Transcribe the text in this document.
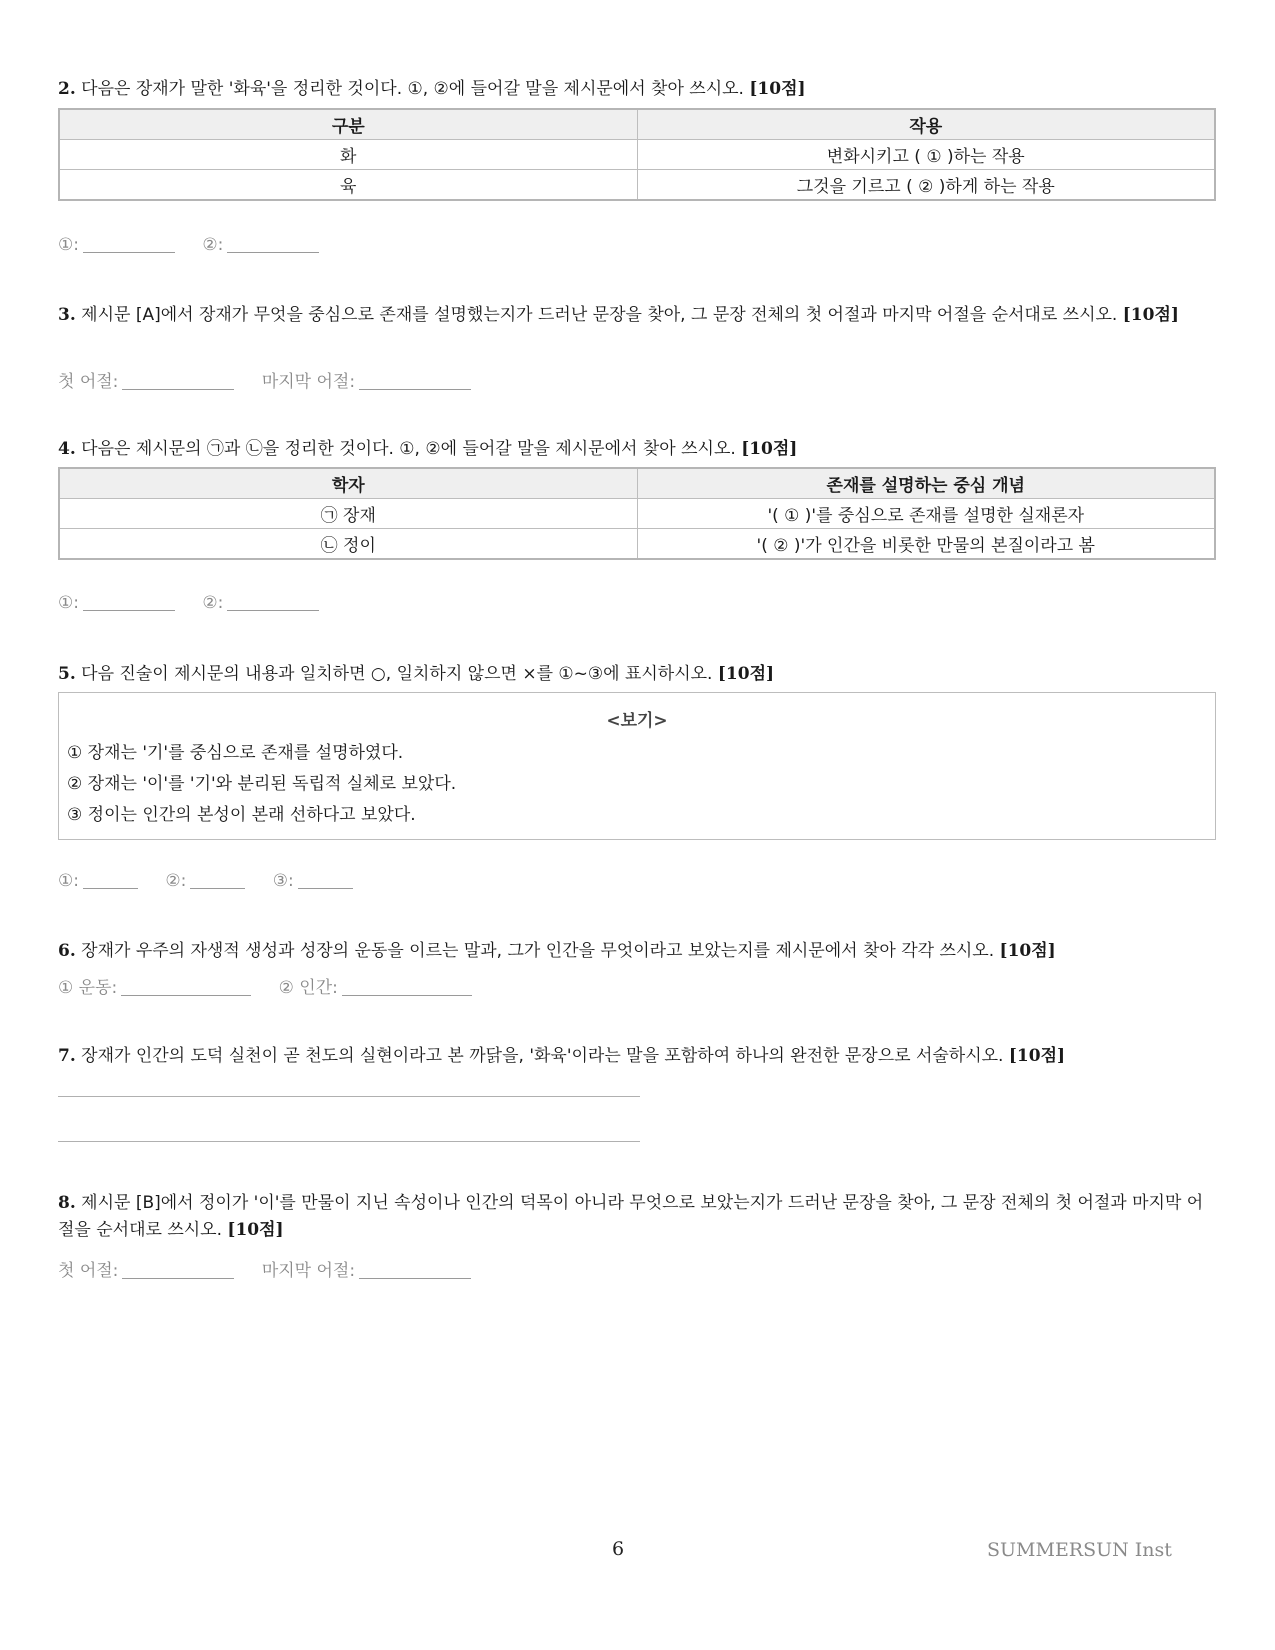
2. 다음은 장재가 말한 '화육'을 정리한 것이다. ①, ②에 들어갈 말을 제시문에서 찾아 쓰시오. [10점]
구분	작용
화	변화시키고 ( ① )하는 작용
육	그것을 기르고 ( ② )하게 하는 작용
①:	②:
3. 제시문 [A]에서 장재가 무엇을 중심으로 존재를 설명했는지가 드러난 문장을 찾아, 그 문장 전체의 첫 어절과 마지막 어절을 순서대로 쓰시오. [10점]
첫 어절:	마지막 어절:
4. 다음은 제시문의 ㉠과 ㉡을 정리한 것이다. ①, ②에 들어갈 말을 제시문에서 찾아 쓰시오. [10점]
학자	존재를 설명하는 중심 개념
㉠ 장재	'( ① )'를 중심으로 존재를 설명한 실재론자
㉡ 정이	'( ② )'가 인간을 비롯한 만물의 본질이라고 봄
①:	②:
5. 다음 진술이 제시문의 내용과 일치하면 ○, 일치하지 않으면 ×를 ①~③에 표시하시오. [10점]
<보기>
① 장재는 '기'를 중심으로 존재를 설명하였다.
② 장재는 '이'를 '기'와 분리된 독립적 실체로 보았다.
③ 정이는 인간의 본성이 본래 선하다고 보았다.
①:	②:	③:
6. 장재가 우주의 자생적 생성과 성장의 운동을 이르는 말과, 그가 인간을 무엇이라고 보았는지를 제시문에서 찾아 각각 쓰시오. [10점]
① 운동:	② 인간:
7. 장재가 인간의 도덕 실천이 곧 천도의 실현이라고 본 까닭을, '화육'이라는 말을 포함하여 하나의 완전한 문장으로 서술하시오. [10점]
8. 제시문 [B]에서 정이가 '이'를 만물이 지닌 속성이나 인간의 덕목이 아니라 무엇으로 보았는지가 드러난 문장을 찾아, 그 문장 전체의 첫 어절과 마지막 어절을 순서대로 쓰시오. [10점]
첫 어절:	마지막 어절:
6	SUMMERSUN Inst
